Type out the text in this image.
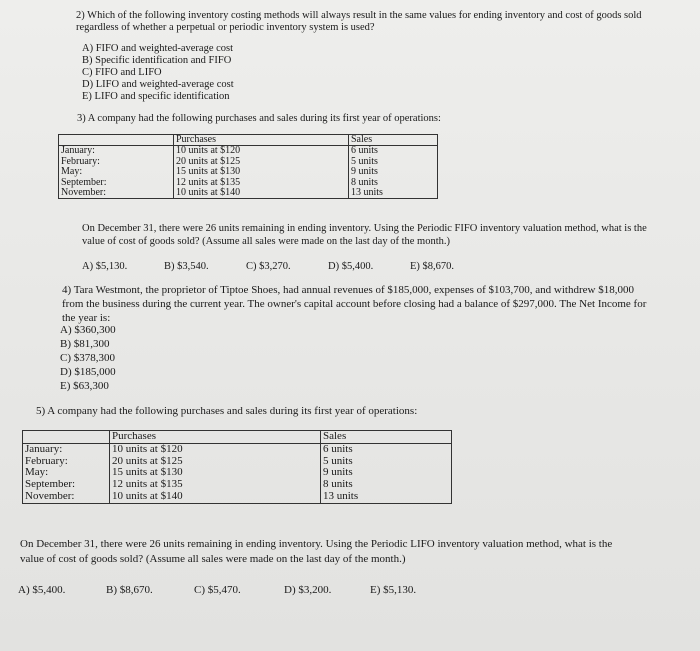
2) Which of the following inventory costing methods will always result in the same values for ending inventory and cost of goods sold
regardless of whether a perpetual or periodic inventory system is used?
A) FIFO and weighted-average cost
B) Specific identification and FIFO
C) FIFO and LIFO
D) LIFO and weighted-average cost
E) LIFO and specific identification
3) A company had the following purchases and sales during its first year of operations:
	Purchases	Sales
January:	10 units at $120	6 units
February:	20 units at $125	5 units
May:	15 units at $130	9 units
September:	12 units at $135	8 units
November:	10 units at $140	13 units
On December 31, there were 26 units remaining in ending inventory. Using the Periodic FIFO inventory valuation method, what is the
value of cost of goods sold? (Assume all sales were made on the last day of the month.)
A) $5,130.	B) $3,540.	C) $3,270.	D) $5,400.	E) $8,670.
4) Tara Westmont, the proprietor of Tiptoe Shoes, had annual revenues of $185,000, expenses of $103,700, and withdrew $18,000
from the business during the current year. The owner's capital account before closing had a balance of $297,000. The Net Income for
the year is:
A) $360,300
B) $81,300
C) $378,300
D) $185,000
E) $63,300
5) A company had the following purchases and sales during its first year of operations:
	Purchases	Sales
January:	10 units at $120	6 units
February:	20 units at $125	5 units
May:	15 units at $130	9 units
September:	12 units at $135	8 units
November:	10 units at $140	13 units
On December 31, there were 26 units remaining in ending inventory. Using the Periodic LIFO inventory valuation method, what is the
value of cost of goods sold? (Assume all sales were made on the last day of the month.)
A) $5,400.	B) $8,670.	C) $5,470.	D) $3,200.	E) $5,130.
